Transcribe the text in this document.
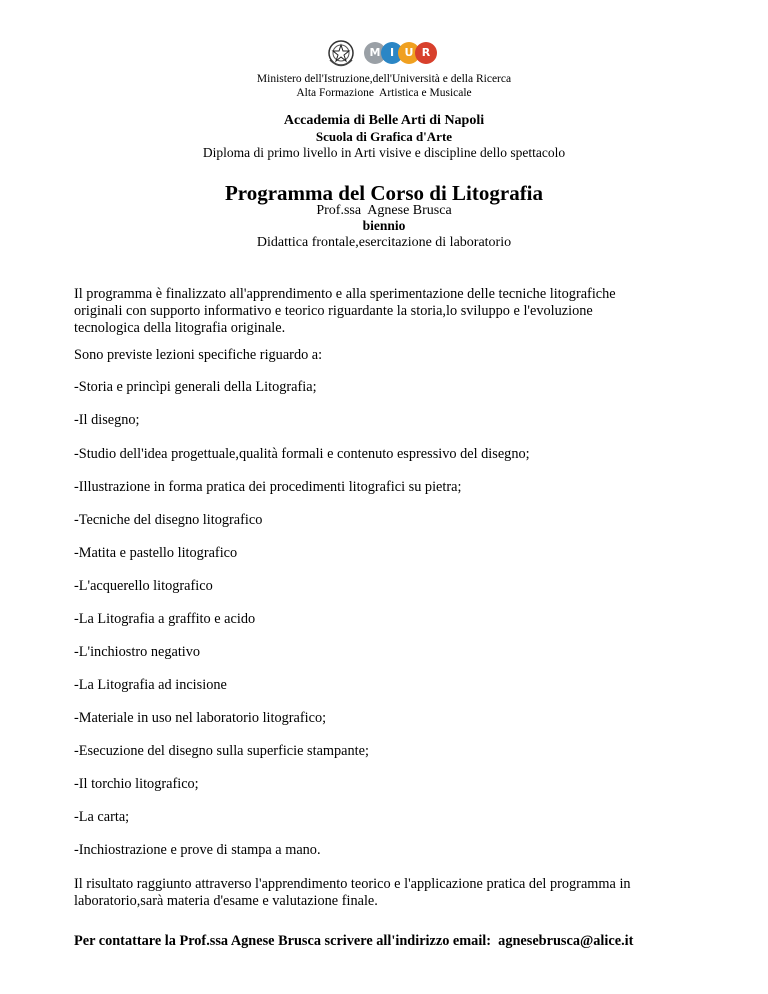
M I U R
Ministero dell'Istruzione,dell'Università e della Ricerca
Alta Formazione  Artistica e Musicale
Accademia di Belle Arti di Napoli
Scuola di Grafica d'Arte
Diploma di primo livello in Arti visive e discipline dello spettacolo
Programma del Corso di Litografia
Prof.ssa  Agnese Brusca
biennio
Didattica frontale,esercitazione di laboratorio
Il programma è finalizzato all'apprendimento e alla sperimentazione delle tecniche litografiche
originali con supporto informativo e teorico riguardante la storia,lo sviluppo e l'evoluzione
tecnologica della litografia originale.
Sono previste lezioni specifiche riguardo a:
-Storia e princìpi generali della Litografia;
-Il disegno;
-Studio dell'idea progettuale,qualità formali e contenuto espressivo del disegno;
-Illustrazione in forma pratica dei procedimenti litografici su pietra;
-Tecniche del disegno litografico
-Matita e pastello litografico
-L'acquerello litografico
-La Litografia a graffito e acido
-L'inchiostro negativo
-La Litografia ad incisione
-Materiale in uso nel laboratorio litografico;
-Esecuzione del disegno sulla superficie stampante;
-Il torchio litografico;
-La carta;
-Inchiostrazione e prove di stampa a mano.
Il risultato raggiunto attraverso l'apprendimento teorico e l'applicazione pratica del programma in
laboratorio,sarà materia d'esame e valutazione finale.
Per contattare la Prof.ssa Agnese Brusca scrivere all'indirizzo email:  agnesebrusca@alice.it
